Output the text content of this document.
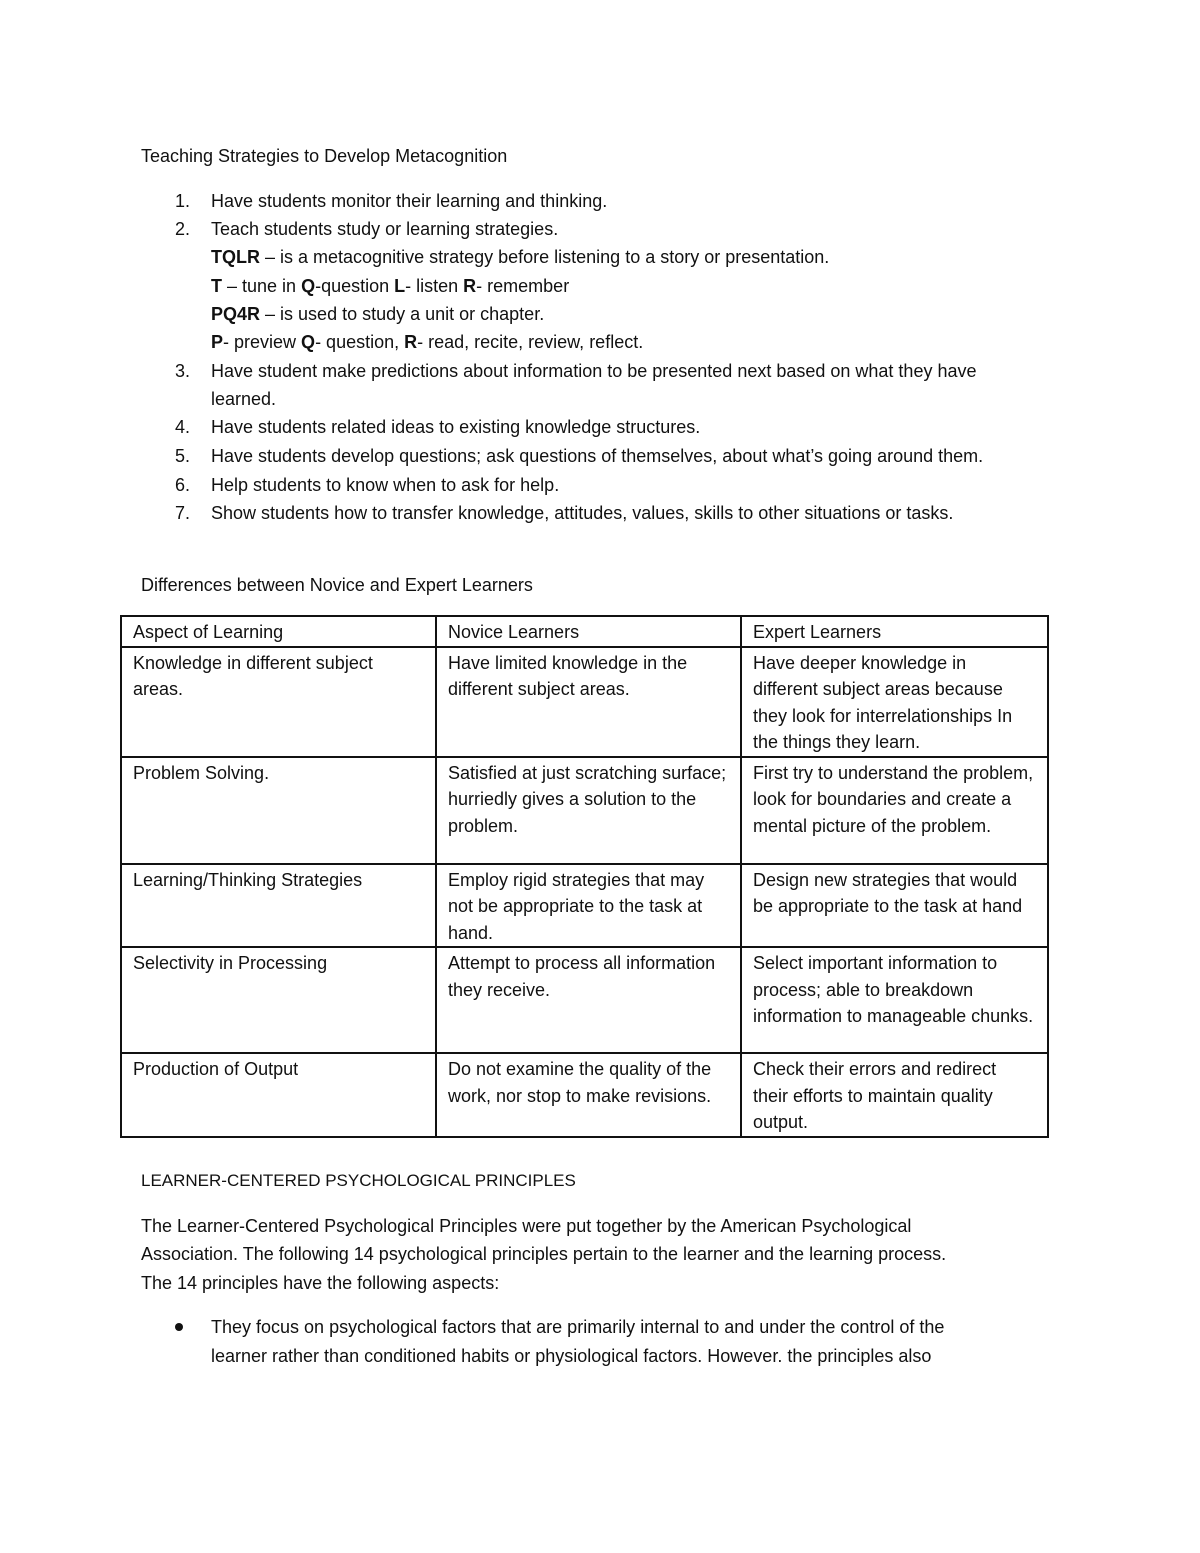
Teaching Strategies to Develop Metacognition
1. Have students monitor their learning and thinking.
2. Teach students study or learning strategies.
TQLR – is a metacognitive strategy before listening to a story or presentation.
T – tune in Q-question L- listen R- remember
PQ4R – is used to study a unit or chapter.
P- preview Q- question, R- read, recite, review, reflect.
3. Have student make predictions about information to be presented next based on what they have
learned.
4. Have students related ideas to existing knowledge structures.
5. Have students develop questions; ask questions of themselves, about what’s going around them.
6. Help students to know when to ask for help.
7. Show students how to transfer knowledge, attitudes, values, skills to other situations or tasks.
Differences between Novice and Expert Learners
Aspect of Learning	Novice Learners	Expert Learners
Knowledge in different subject areas.	Have limited knowledge in the different subject areas.	Have deeper knowledge in different subject areas because they look for interrelationships In the things they learn.
Problem Solving.	Satisfied at just scratching surface; hurriedly gives a solution to the problem.	First try to understand the problem, look for boundaries and create a mental picture of the problem.
Learning/Thinking Strategies	Employ rigid strategies that may not be appropriate to the task at hand.	Design new strategies that would be appropriate to the task at hand
Selectivity in Processing	Attempt to process all information they receive.	Select important information to process; able to breakdown information to manageable chunks.
Production of Output	Do not examine the quality of the work, nor stop to make revisions.	Check their errors and redirect their efforts to maintain quality output.
LEARNER-CENTERED PSYCHOLOGICAL PRINCIPLES
The Learner-Centered Psychological Principles were put together by the American Psychological
Association. The following 14 psychological principles pertain to the learner and the learning process.
The 14 principles have the following aspects:
They focus on psychological factors that are primarily internal to and under the control of the
learner rather than conditioned habits or physiological factors. However. the principles also
